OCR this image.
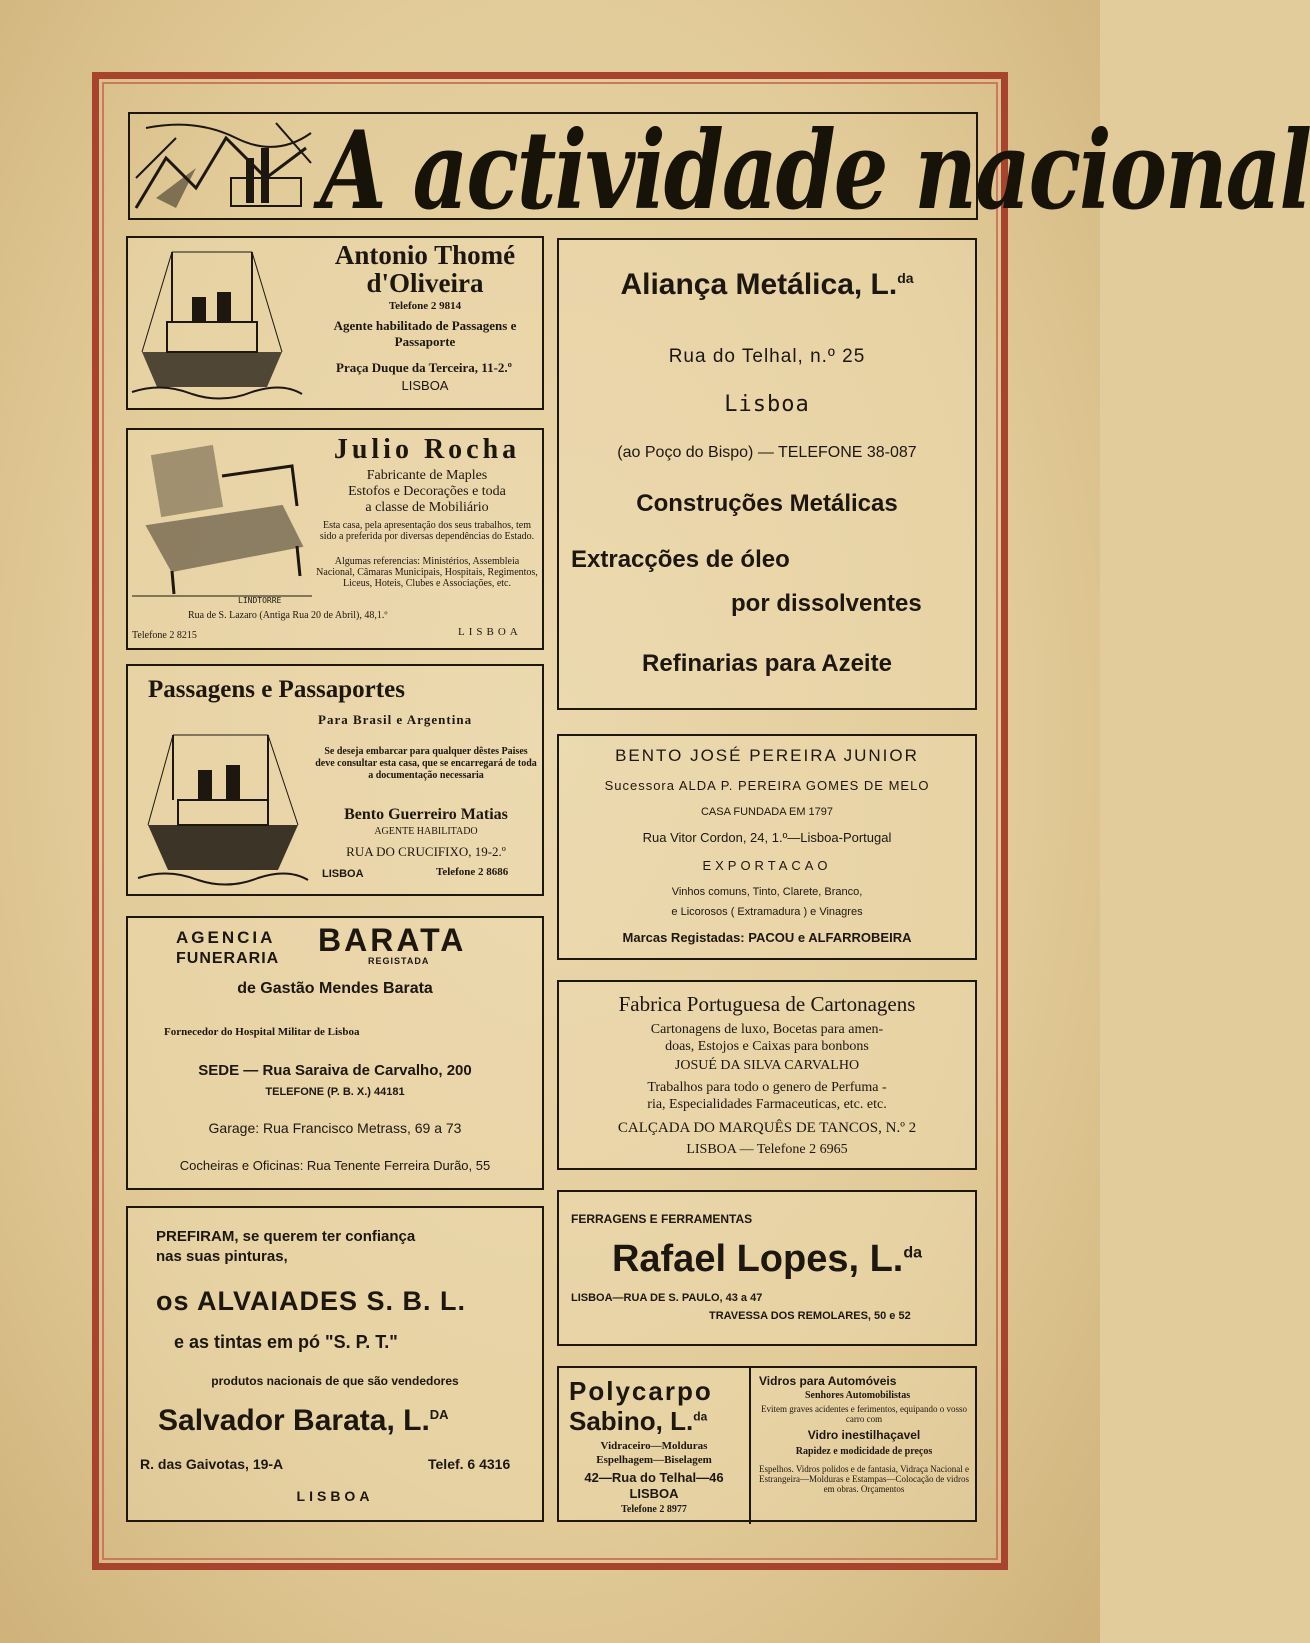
A actividade nacional
Antonio Thomé
d'Oliveira
Telefone 2 9814
Agente habilitado de Passagens e Passaporte
Praça Duque da Terceira, 11-2.º
LISBOA
LINDTORRE
Julio Rocha
Fabricante de Maples
Estofos e Decorações e toda
a classe de Mobiliário
Esta casa, pela apresentação dos seus trabalhos, tem sido a preferida por diversas dependências do Estado.
Algumas referencias: Ministérios, Assembleia Nacional, Câmaras Municipais, Hospitais, Regimentos, Liceus, Hoteis, Clubes e Associações, etc.
Rua de S. Lazaro (Antiga Rua 20 de Abril), 48,1.º
Telefone 2 8215	LISBOA
Passagens e Passaportes
Para Brasil e Argentina
Se deseja embarcar para qualquer dêstes Paises deve consultar esta casa, que se encarregará de toda a documentação necessaria
Bento Guerreiro Matias
AGENTE HABILITADO
RUA DO CRUCIFIXO, 19-2.º
LISBOA	Telefone 2 8686
AGENCIA
FUNERARIA
BARATA
REGISTADA
de Gastão Mendes Barata
Fornecedor do Hospital Militar de Lisboa
SEDE — Rua Saraiva de Carvalho, 200
TELEFONE (P. B. X.) 44181
Garage: Rua Francisco Metrass, 69 a 73
Cocheiras e Oficinas: Rua Tenente Ferreira Durão, 55
PREFIRAM, se querem ter confiança
nas suas pinturas,
os ALVAIADES S. B. L.
e as tintas em pó "S. P. T."
produtos nacionais de que são vendedores
Salvador Barata, L.$^{DA}$
R. das Gaivotas, 19-A	Telef. 6 4316
LISBOA
Aliança Metálica, L.$^{da}$
Rua do Telhal, n.º 25
Lisboa
(ao Poço do Bispo) — TELEFONE 38-087
Construções Metálicas
Extracções de óleo
por dissolventes
Refinarias para Azeite
BENTO JOSÉ PEREIRA JUNIOR
Sucessora ALDA P. PEREIRA GOMES DE MELO
CASA FUNDADA EM 1797
Rua Vitor Cordon, 24, 1.º—Lisboa-Portugal
EXPORTACAO
Vinhos comuns, Tinto, Clarete, Branco,
e Licorosos ( Extramadura ) e Vinagres
Marcas Registadas: PACOU e ALFARROBEIRA
Fabrica Portuguesa de Cartonagens
Cartonagens de luxo, Bocetas para amen-
doas, Estojos e Caixas para bonbons
JOSUÉ DA SILVA CARVALHO
Trabalhos para todo o genero de Perfuma -
ria, Especialidades Farmaceuticas, etc. etc.
CALÇADA DO MARQUÊS DE TANCOS, N.º 2
LISBOA — Telefone 2 6965
FERRAGENS E FERRAMENTAS
Rafael Lopes, L.$^{da}$
LISBOA—RUA DE S. PAULO, 43 a 47
TRAVESSA DOS REMOLARES, 50 e 52
Polycarpo
Sabino, L.$^{da}$
Vidraceiro—Molduras
Espelhagem—Biselagem
42—Rua do Telhal—46
LISBOA
Telefone 2 8977
Vidros para Automóveis
Senhores Automobilistas
Evitem graves acidentes e ferimentos, equipando o vosso carro com
Vidro inestilhaçavel
Rapidez e modicidade de preços
Espelhos. Vidros polidos e de fantasia, Vidraça Nacional e Estrangeira—Molduras e Estampas—Colocação de vidros em obras. Orçamentos
